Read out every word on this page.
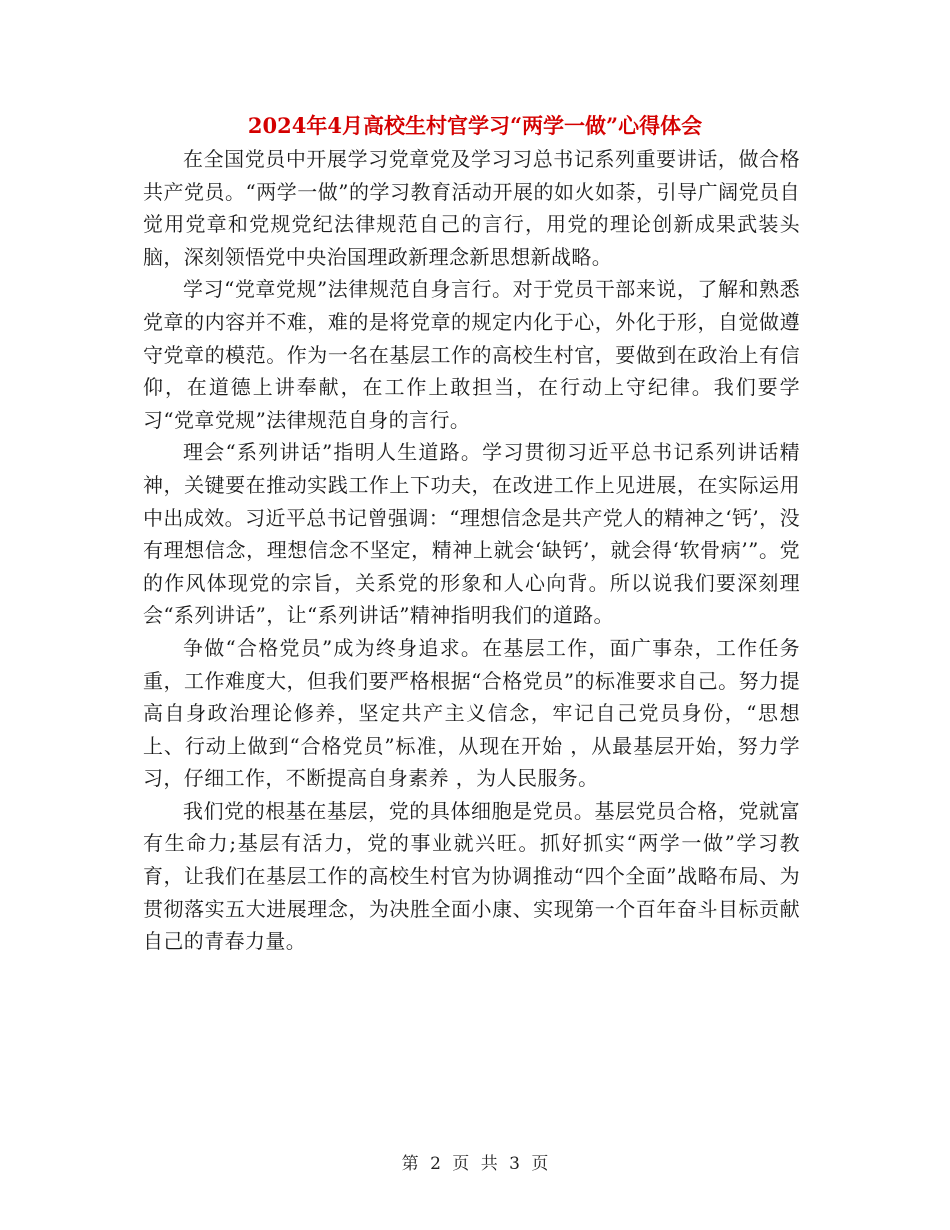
2024年4月高校生村官学习“两学一做”心得体会

在全国党员中开展学习党章党及学习习总书记系列重要讲话，做合格共产党员。“两学一做”的学习教育活动开展的如火如荼，引导广阔党员自觉用党章和党规党纪法律规范自己的言行，用党的理论创新成果武装头脑，深刻领悟党中央治国理政新理念新思想新战略。

学习“党章党规”法律规范自身言行。对于党员干部来说，了解和熟悉党章的内容并不难，难的是将党章的规定内化于心，外化于形，自觉做遵守党章的模范。作为一名在基层工作的高校生村官，要做到在政治上有信仰，在道德上讲奉献，在工作上敢担当，在行动上守纪律。我们要学习“党章党规”法律规范自身的言行。

理会“系列讲话”指明人生道路。学习贯彻习近平总书记系列讲话精神，关键要在推动实践工作上下功夫，在改进工作上见进展，在实际运用中出成效。习近平总书记曾强调：“理想信念是共产党人的精神之‘钙’，没有理想信念，理想信念不坚定，精神上就会‘缺钙’，就会得‘软骨病’”。党的作风体现党的宗旨，关系党的形象和人心向背。所以说我们要深刻理会“系列讲话”，让“系列讲话”精神指明我们的道路。

争做“合格党员”成为终身追求。在基层工作，面广事杂，工作任务重，工作难度大，但我们要严格根据“合格党员”的标准要求自己。努力提高自身政治理论修养，坚定共产主义信念，牢记自己党员身份，“思想上、行动上做到“合格党员”标准，从现在开始 ，从最基层开始，努力学习，仔细工作，不断提高自身素养 ，为人民服务。

我们党的根基在基层，党的具体细胞是党员。基层党员合格，党就富有生命力;基层有活力，党的事业就兴旺。抓好抓实“两学一做”学习教育，让我们在基层工作的高校生村官为协调推动“四个全面”战略布局、为贯彻落实五大进展理念，为决胜全面小康、实现第一个百年奋斗目标贡献自己的青春力量。

第 2 页 共 3 页
